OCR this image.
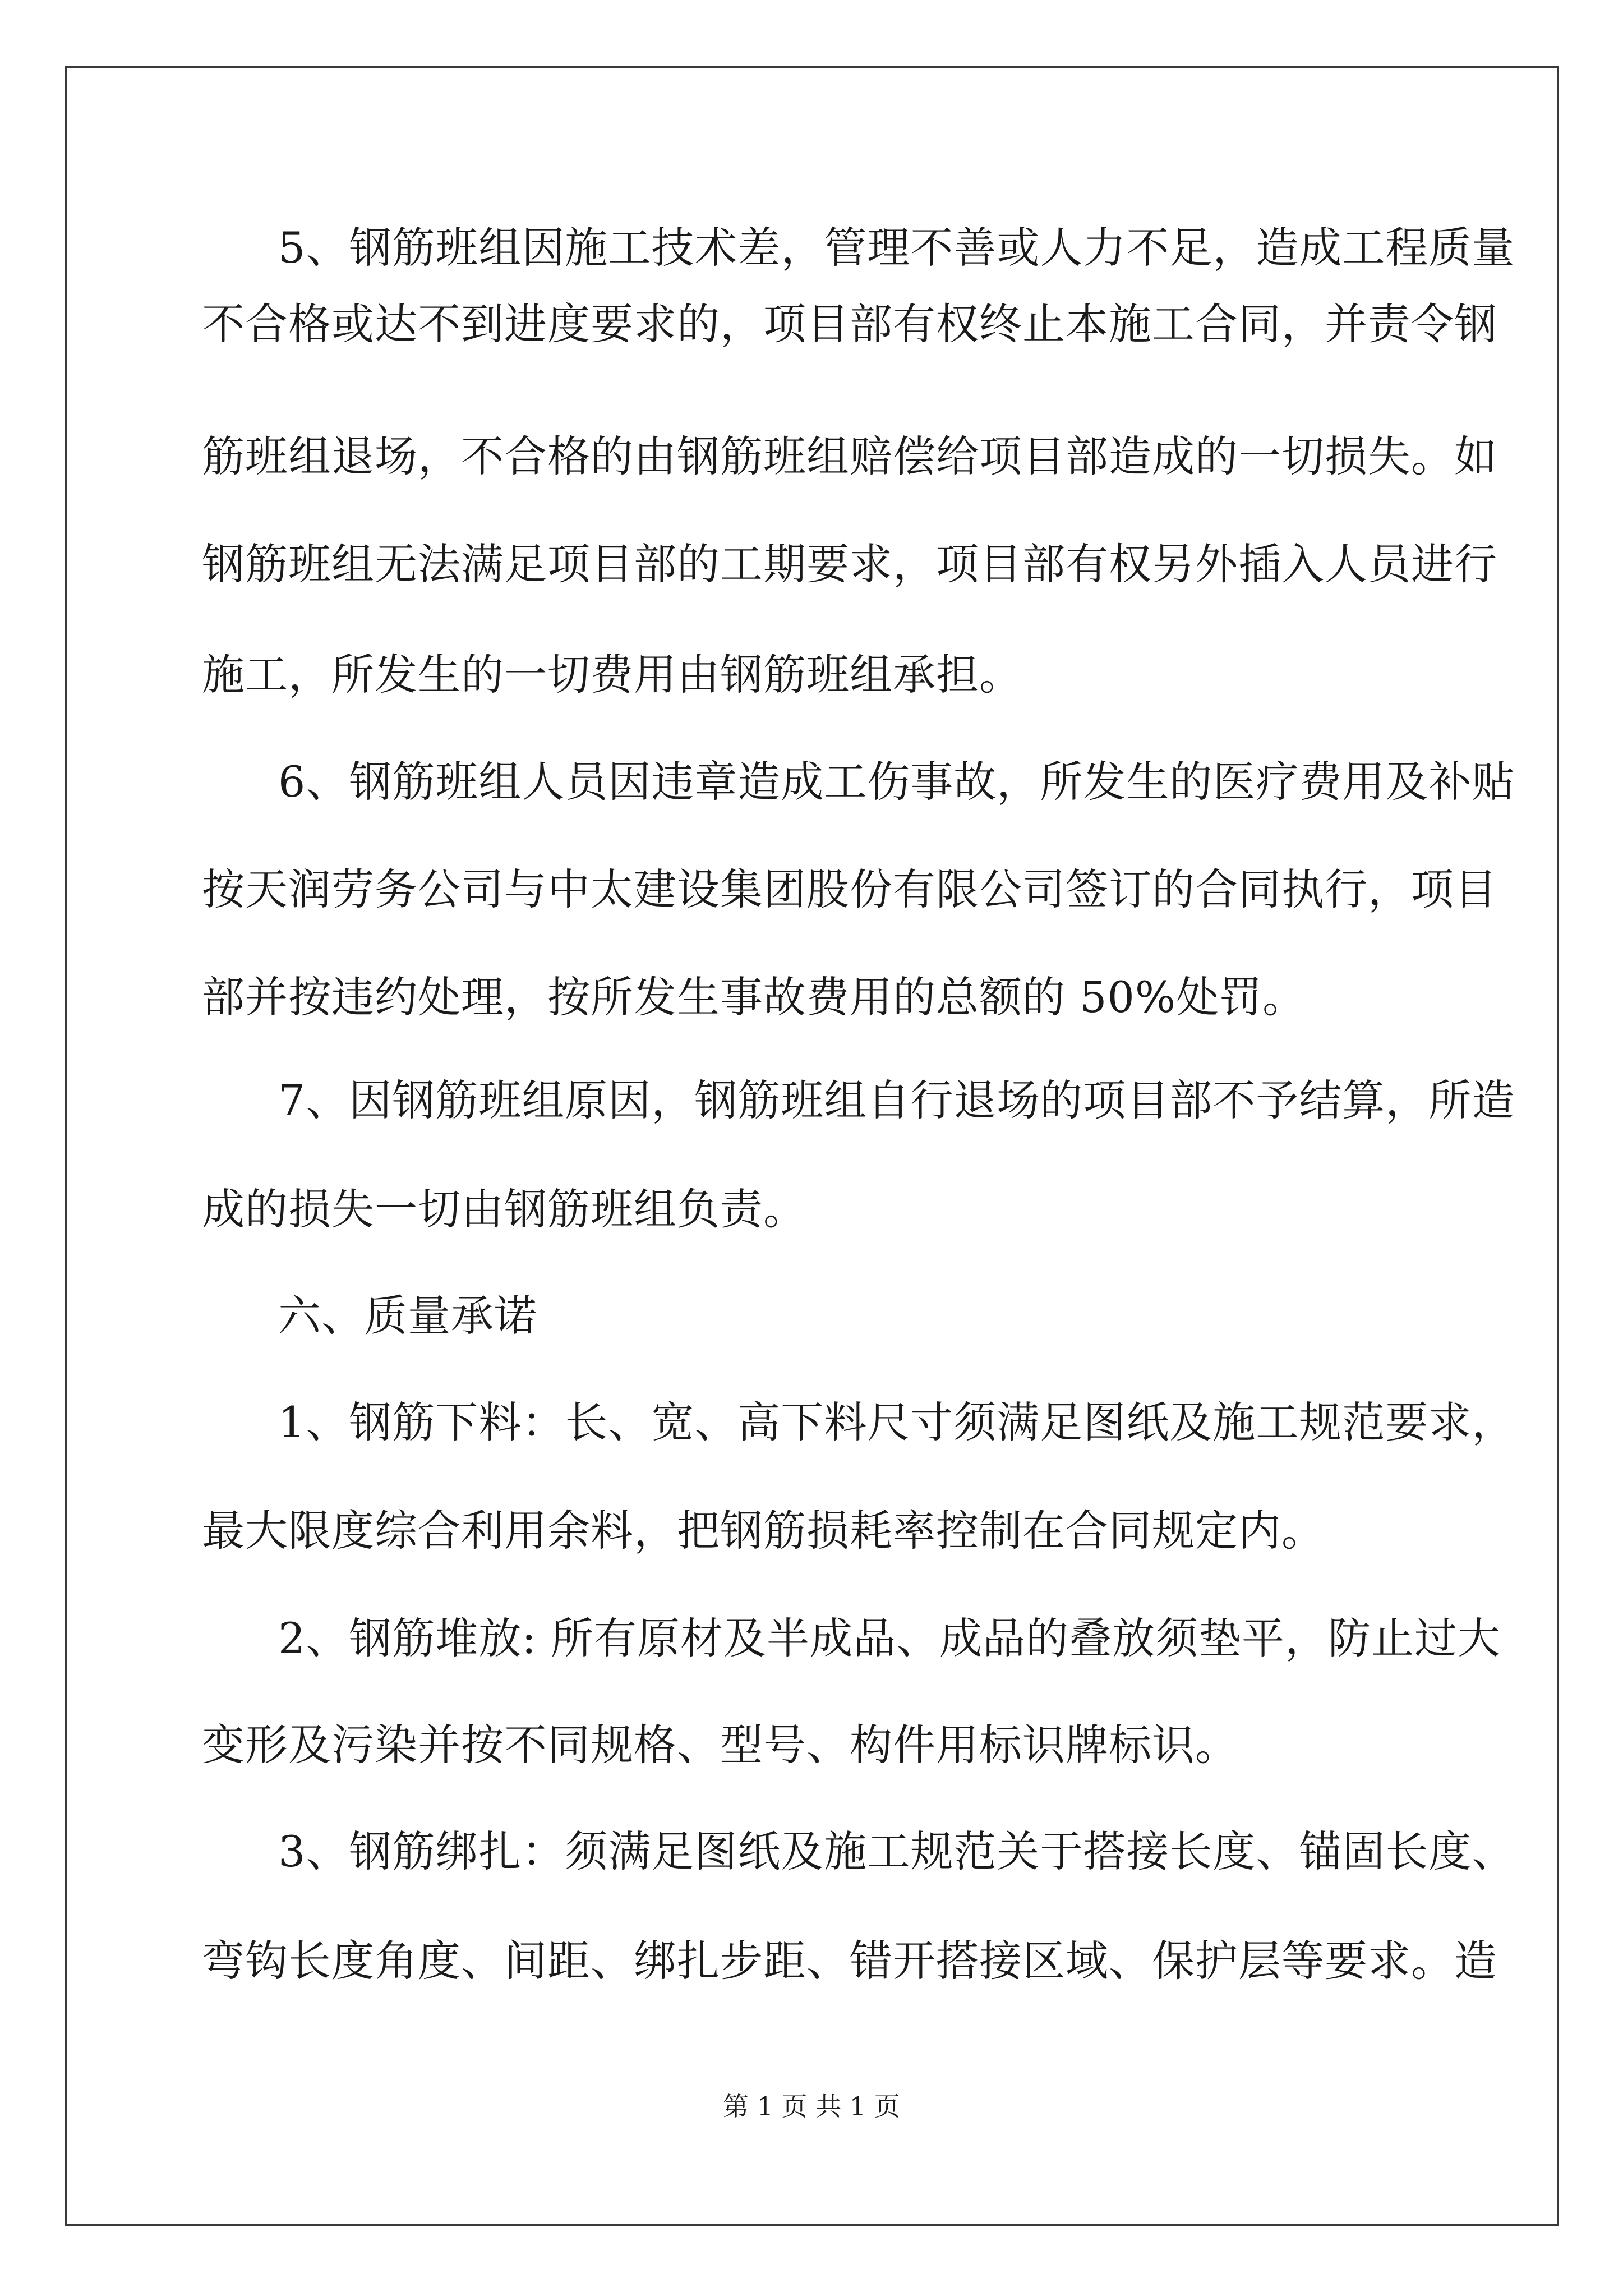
5、钢筋班组因施工技术差，管理不善或人力不足，造成工程质量

不合格或达不到进度要求的，项目部有权终止本施工合同，并责令钢

筋班组退场，不合格的由钢筋班组赔偿给项目部造成的一切损失。如

钢筋班组无法满足项目部的工期要求，项目部有权另外插入人员进行

施工，所发生的一切费用由钢筋班组承担。

6、钢筋班组人员因违章造成工伤事故，所发生的医疗费用及补贴

按天润劳务公司与中太建设集团股份有限公司签订的合同执行，项目

部并按违约处理，按所发生事故费用的总额的 50%处罚。

7、因钢筋班组原因，钢筋班组自行退场的项目部不予结算，所造

成的损失一切由钢筋班组负责。

六、质量承诺

1、钢筋下料：长、宽、高下料尺寸须满足图纸及施工规范要求，

最大限度综合利用余料，把钢筋损耗率控制在合同规定内。

2、钢筋堆放: 所有原材及半成品、成品的叠放须垫平，防止过大

变形及污染并按不同规格、型号、构件用标识牌标识。

3、钢筋绑扎：须满足图纸及施工规范关于搭接长度、锚固长度、

弯钩长度角度、间距、绑扎步距、错开搭接区域、保护层等要求。造

第 1 页 共 1 页
